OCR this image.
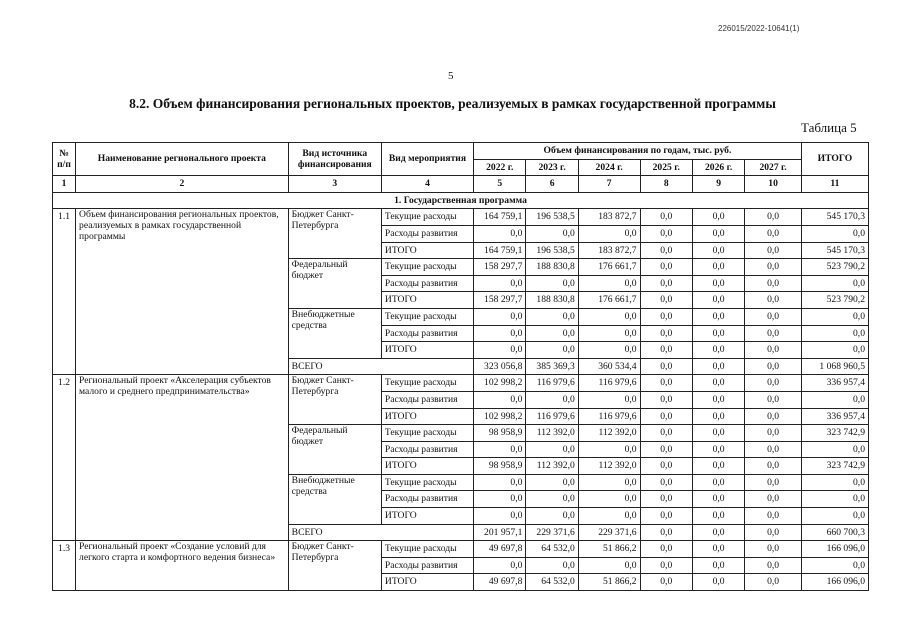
226015/2022-10641(1)
5
8.2. Объем финансирования региональных проектов, реализуемых в рамках государственной программы
Таблица 5
№ п/п	Наименование регионального проекта	Вид источника финансирования	Вид мероприятия	Объем финансирования по годам, тыс. руб.						ИТОГО
				2022 г.	2023 г.	2024 г.	2025 г.	2026 г.	2027 г.	
1	2	3	4	5	6	7	8	9	10	11
1. Государственная программа										
1.1	Объем финансирования региональных проектов, реализуемых в рамках государственной программы	Бюджет Санкт-Петербурга	Текущие расходы	164 759,1	196 538,5	183 872,7	0,0	0,0	0,0	545 170,3
			Расходы развития	0,0	0,0	0,0	0,0	0,0	0,0	0,0
			ИТОГО	164 759,1	196 538,5	183 872,7	0,0	0,0	0,0	545 170,3
		Федеральный бюджет	Текущие расходы	158 297,7	188 830,8	176 661,7	0,0	0,0	0,0	523 790,2
			Расходы развития	0,0	0,0	0,0	0,0	0,0	0,0	0,0
			ИТОГО	158 297,7	188 830,8	176 661,7	0,0	0,0	0,0	523 790,2
		Внебюджетные средства	Текущие расходы	0,0	0,0	0,0	0,0	0,0	0,0	0,0
			Расходы развития	0,0	0,0	0,0	0,0	0,0	0,0	0,0
			ИТОГО	0,0	0,0	0,0	0,0	0,0	0,0	0,0
		ВСЕГО		323 056,8	385 369,3	360 534,4	0,0	0,0	0,0	1 068 960,5
1.2	Региональный проект «Акселерация субъектов малого и среднего предпринимательства»	Бюджет Санкт-Петербурга	Текущие расходы	102 998,2	116 979,6	116 979,6	0,0	0,0	0,0	336 957,4
			Расходы развития	0,0	0,0	0,0	0,0	0,0	0,0	0,0
			ИТОГО	102 998,2	116 979,6	116 979,6	0,0	0,0	0,0	336 957,4
		Федеральный бюджет	Текущие расходы	98 958,9	112 392,0	112 392,0	0,0	0,0	0,0	323 742,9
			Расходы развития	0,0	0,0	0,0	0,0	0,0	0,0	0,0
			ИТОГО	98 958,9	112 392,0	112 392,0	0,0	0,0	0,0	323 742,9
		Внебюджетные средства	Текущие расходы	0,0	0,0	0,0	0,0	0,0	0,0	0,0
			Расходы развития	0,0	0,0	0,0	0,0	0,0	0,0	0,0
			ИТОГО	0,0	0,0	0,0	0,0	0,0	0,0	0,0
		ВСЕГО		201 957,1	229 371,6	229 371,6	0,0	0,0	0,0	660 700,3
1.3	Региональный проект «Создание условий для легкого старта и комфортного ведения бизнеса»	Бюджет Санкт-Петербурга	Текущие расходы	49 697,8	64 532,0	51 866,2	0,0	0,0	0,0	166 096,0
			Расходы развития	0,0	0,0	0,0	0,0	0,0	0,0	0,0
			ИТОГО	49 697,8	64 532,0	51 866,2	0,0	0,0	0,0	166 096,0
